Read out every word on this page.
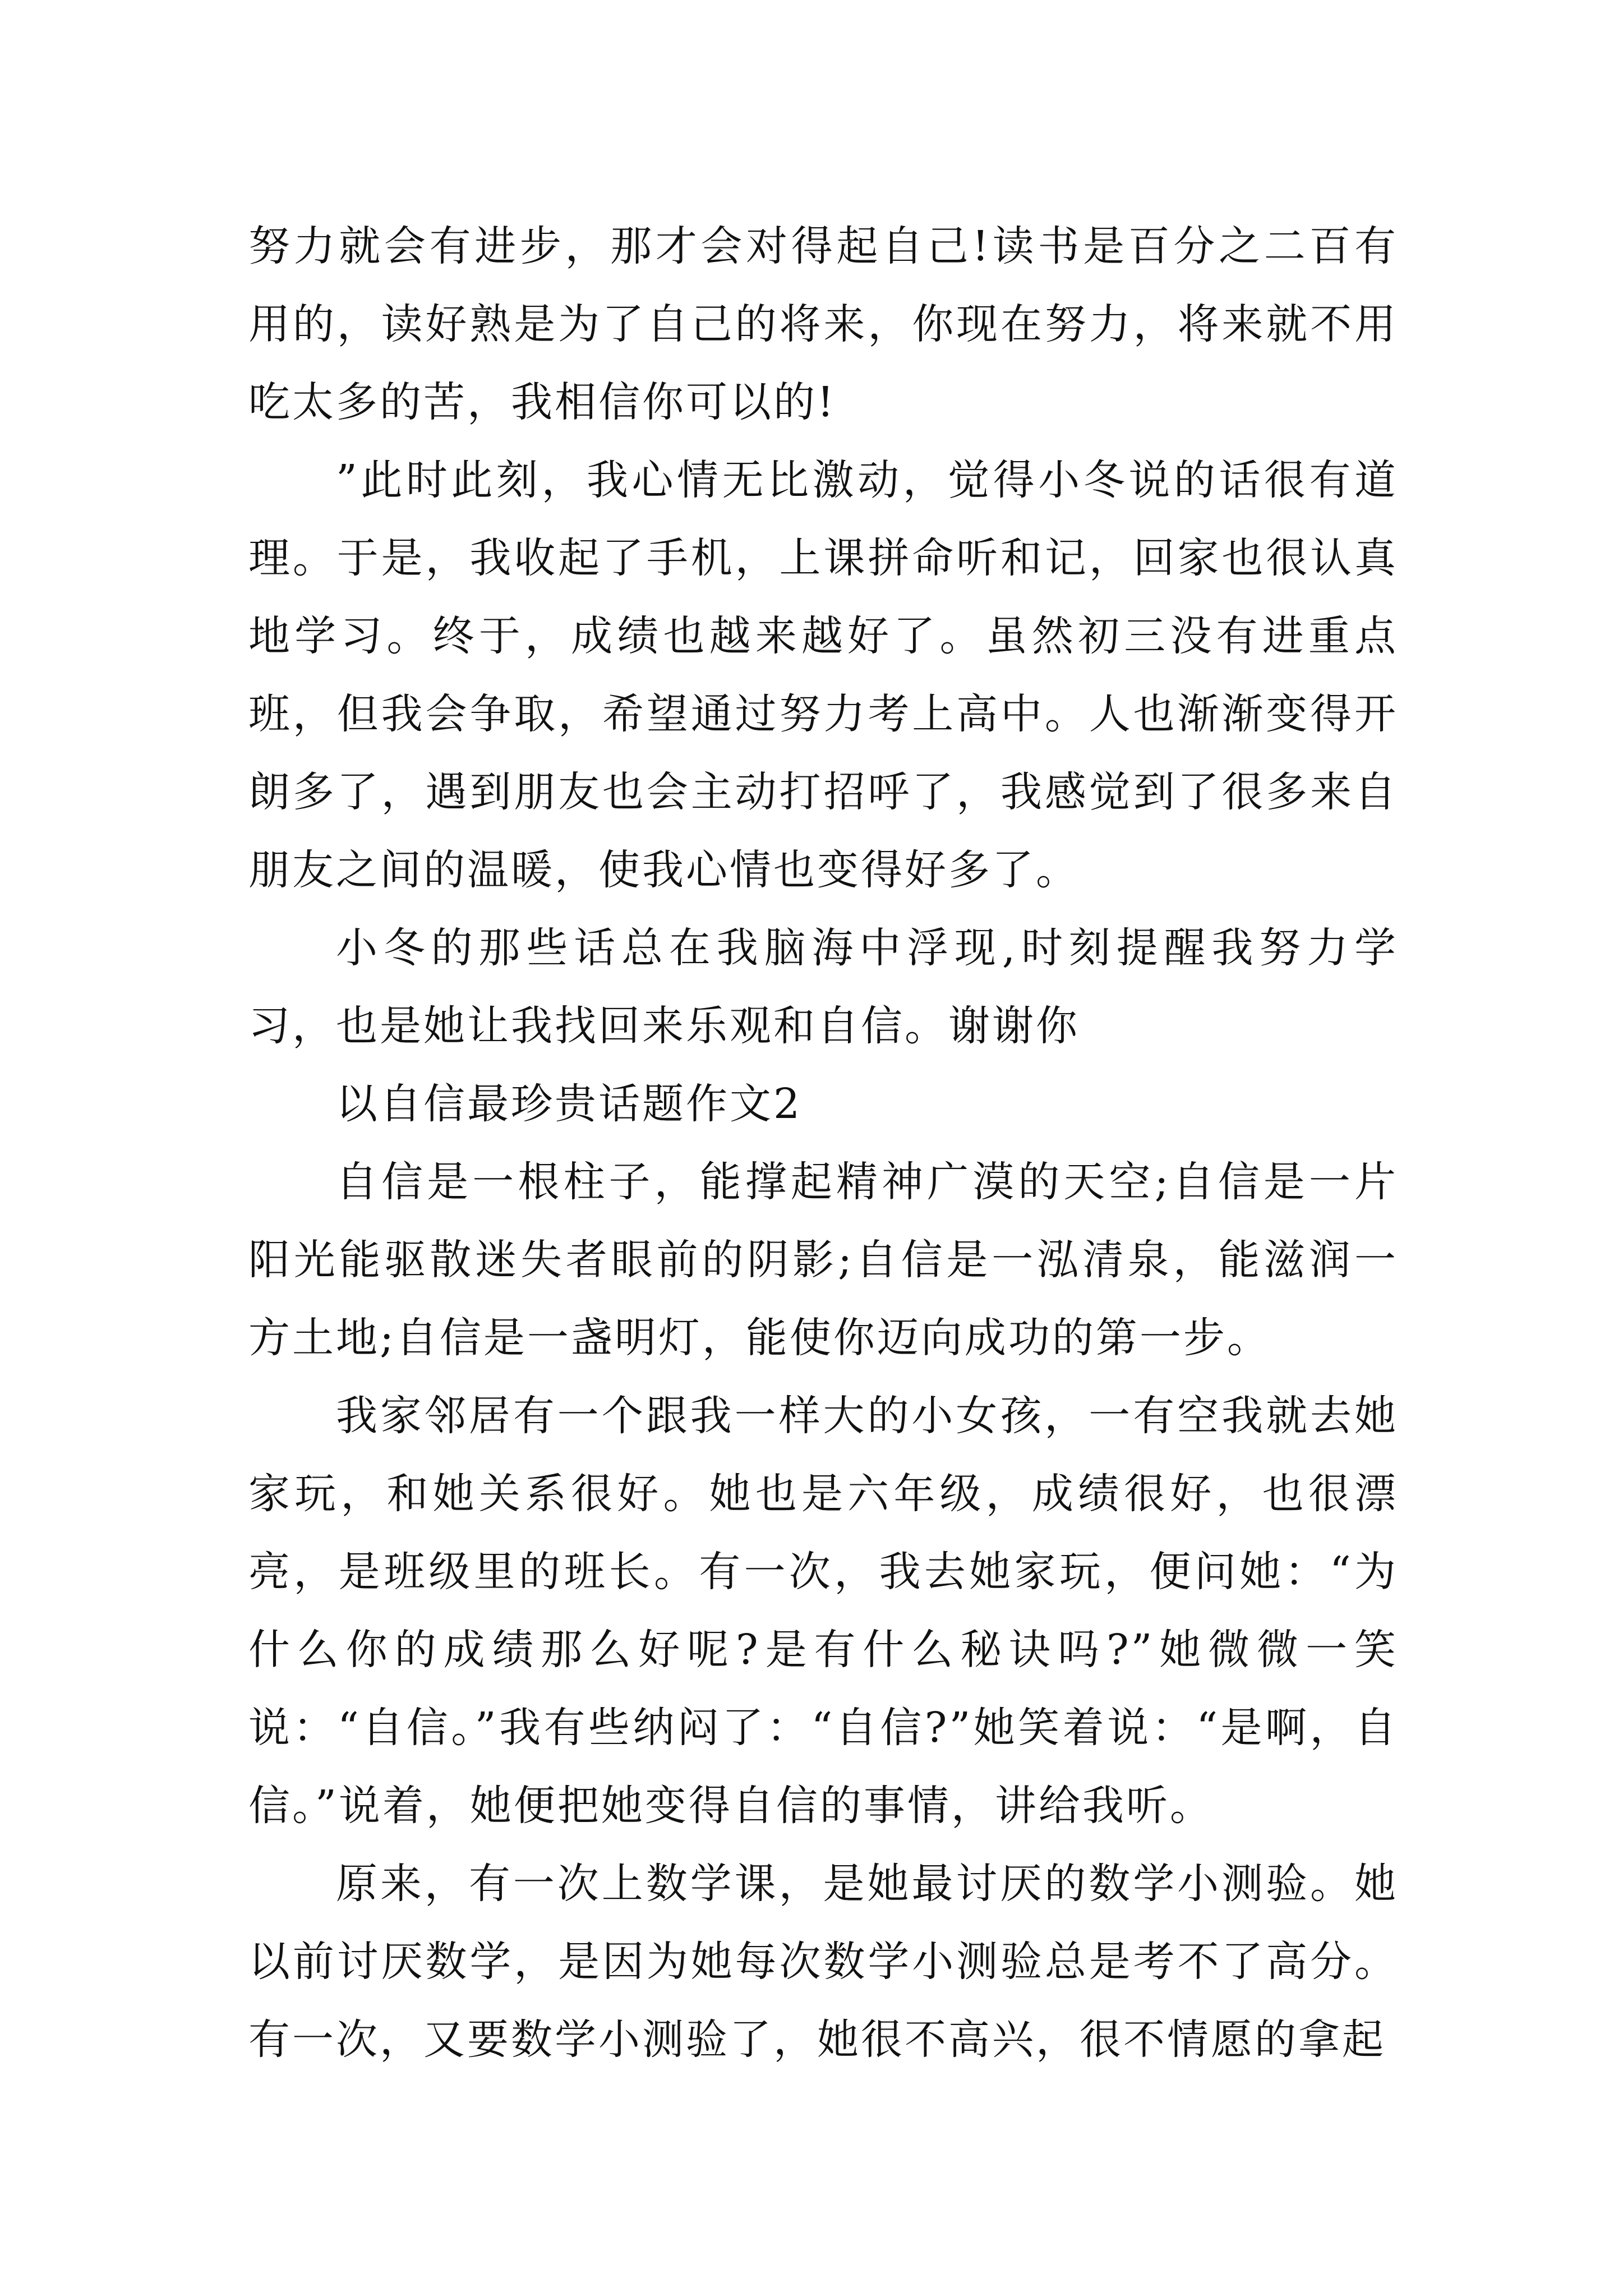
努力就会有进步，那才会对得起自己!读书是百分之二百有用的，读好熟是为了自己的将来，你现在努力，将来就不用吃太多的苦，我相信你可以的!

”此时此刻，我心情无比激动，觉得小冬说的话很有道理。于是，我收起了手机，上课拼命听和记，回家也很认真地学习。终于，成绩也越来越好了。虽然初三没有进重点班，但我会争取，希望通过努力考上高中。人也渐渐变得开朗多了，遇到朋友也会主动打招呼了，我感觉到了很多来自朋友之间的温暖，使我心情也变得好多了。

小冬的那些话总在我脑海中浮现,时刻提醒我努力学习，也是她让我找回来乐观和自信。谢谢你

以自信最珍贵话题作文2

自信是一根柱子，能撑起精神广漠的天空;自信是一片阳光能驱散迷失者眼前的阴影;自信是一泓清泉，能滋润一方土地;自信是一盏明灯，能使你迈向成功的第一步。

我家邻居有一个跟我一样大的小女孩，一有空我就去她家玩，和她关系很好。她也是六年级，成绩很好，也很漂亮，是班级里的班长。有一次，我去她家玩，便问她：“为什么你的成绩那么好呢?是有什么秘诀吗?”她微微一笑说：“自信。”我有些纳闷了：“自信?”她笑着说：“是啊，自信。”说着，她便把她变得自信的事情，讲给我听。

原来，有一次上数学课，是她最讨厌的数学小测验。她以前讨厌数学，是因为她每次数学小测验总是考不了高分。有一次，又要数学小测验了，她很不高兴，很不情愿的拿起
